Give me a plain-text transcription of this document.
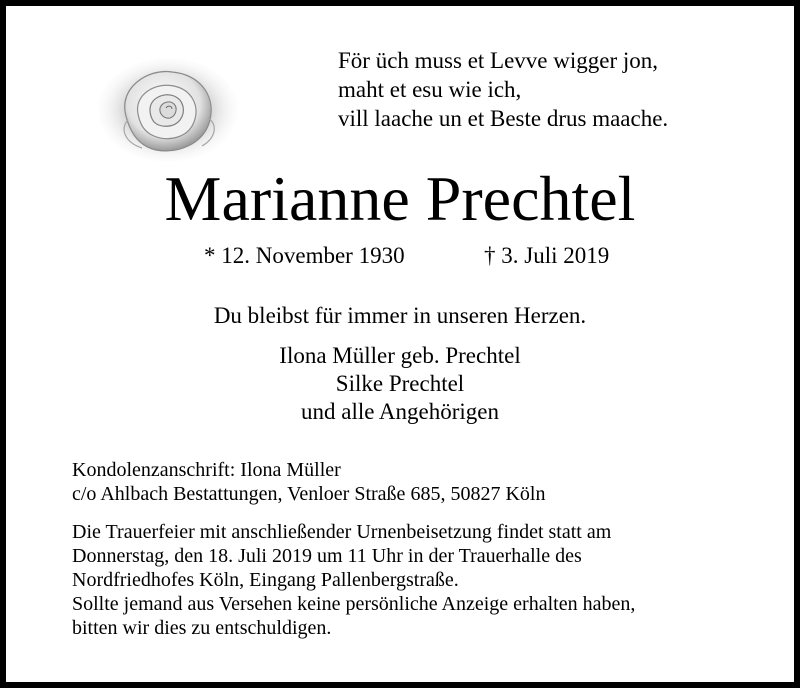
För üch muss et Levve wigger jon,
maht et esu wie ich,
vill laache un et Beste drus maache.
Marianne Prechtel
* 12. November 1930	† 3. Juli 2019
Du bleibst für immer in unseren Herzen.
Ilona Müller geb. Prechtel
Silke Prechtel
und alle Angehörigen
Kondolenzanschrift: Ilona Müller
c/o Ahlbach Bestattungen, Venloer Straße 685, 50827 Köln
Die Trauerfeier mit anschließender Urnenbeisetzung findet statt am
Donnerstag, den 18. Juli 2019 um 11 Uhr in der Trauerhalle des
Nordfriedhofes Köln, Eingang Pallenbergstraße.
Sollte jemand aus Versehen keine persönliche Anzeige erhalten haben,
bitten wir dies zu entschuldigen.
